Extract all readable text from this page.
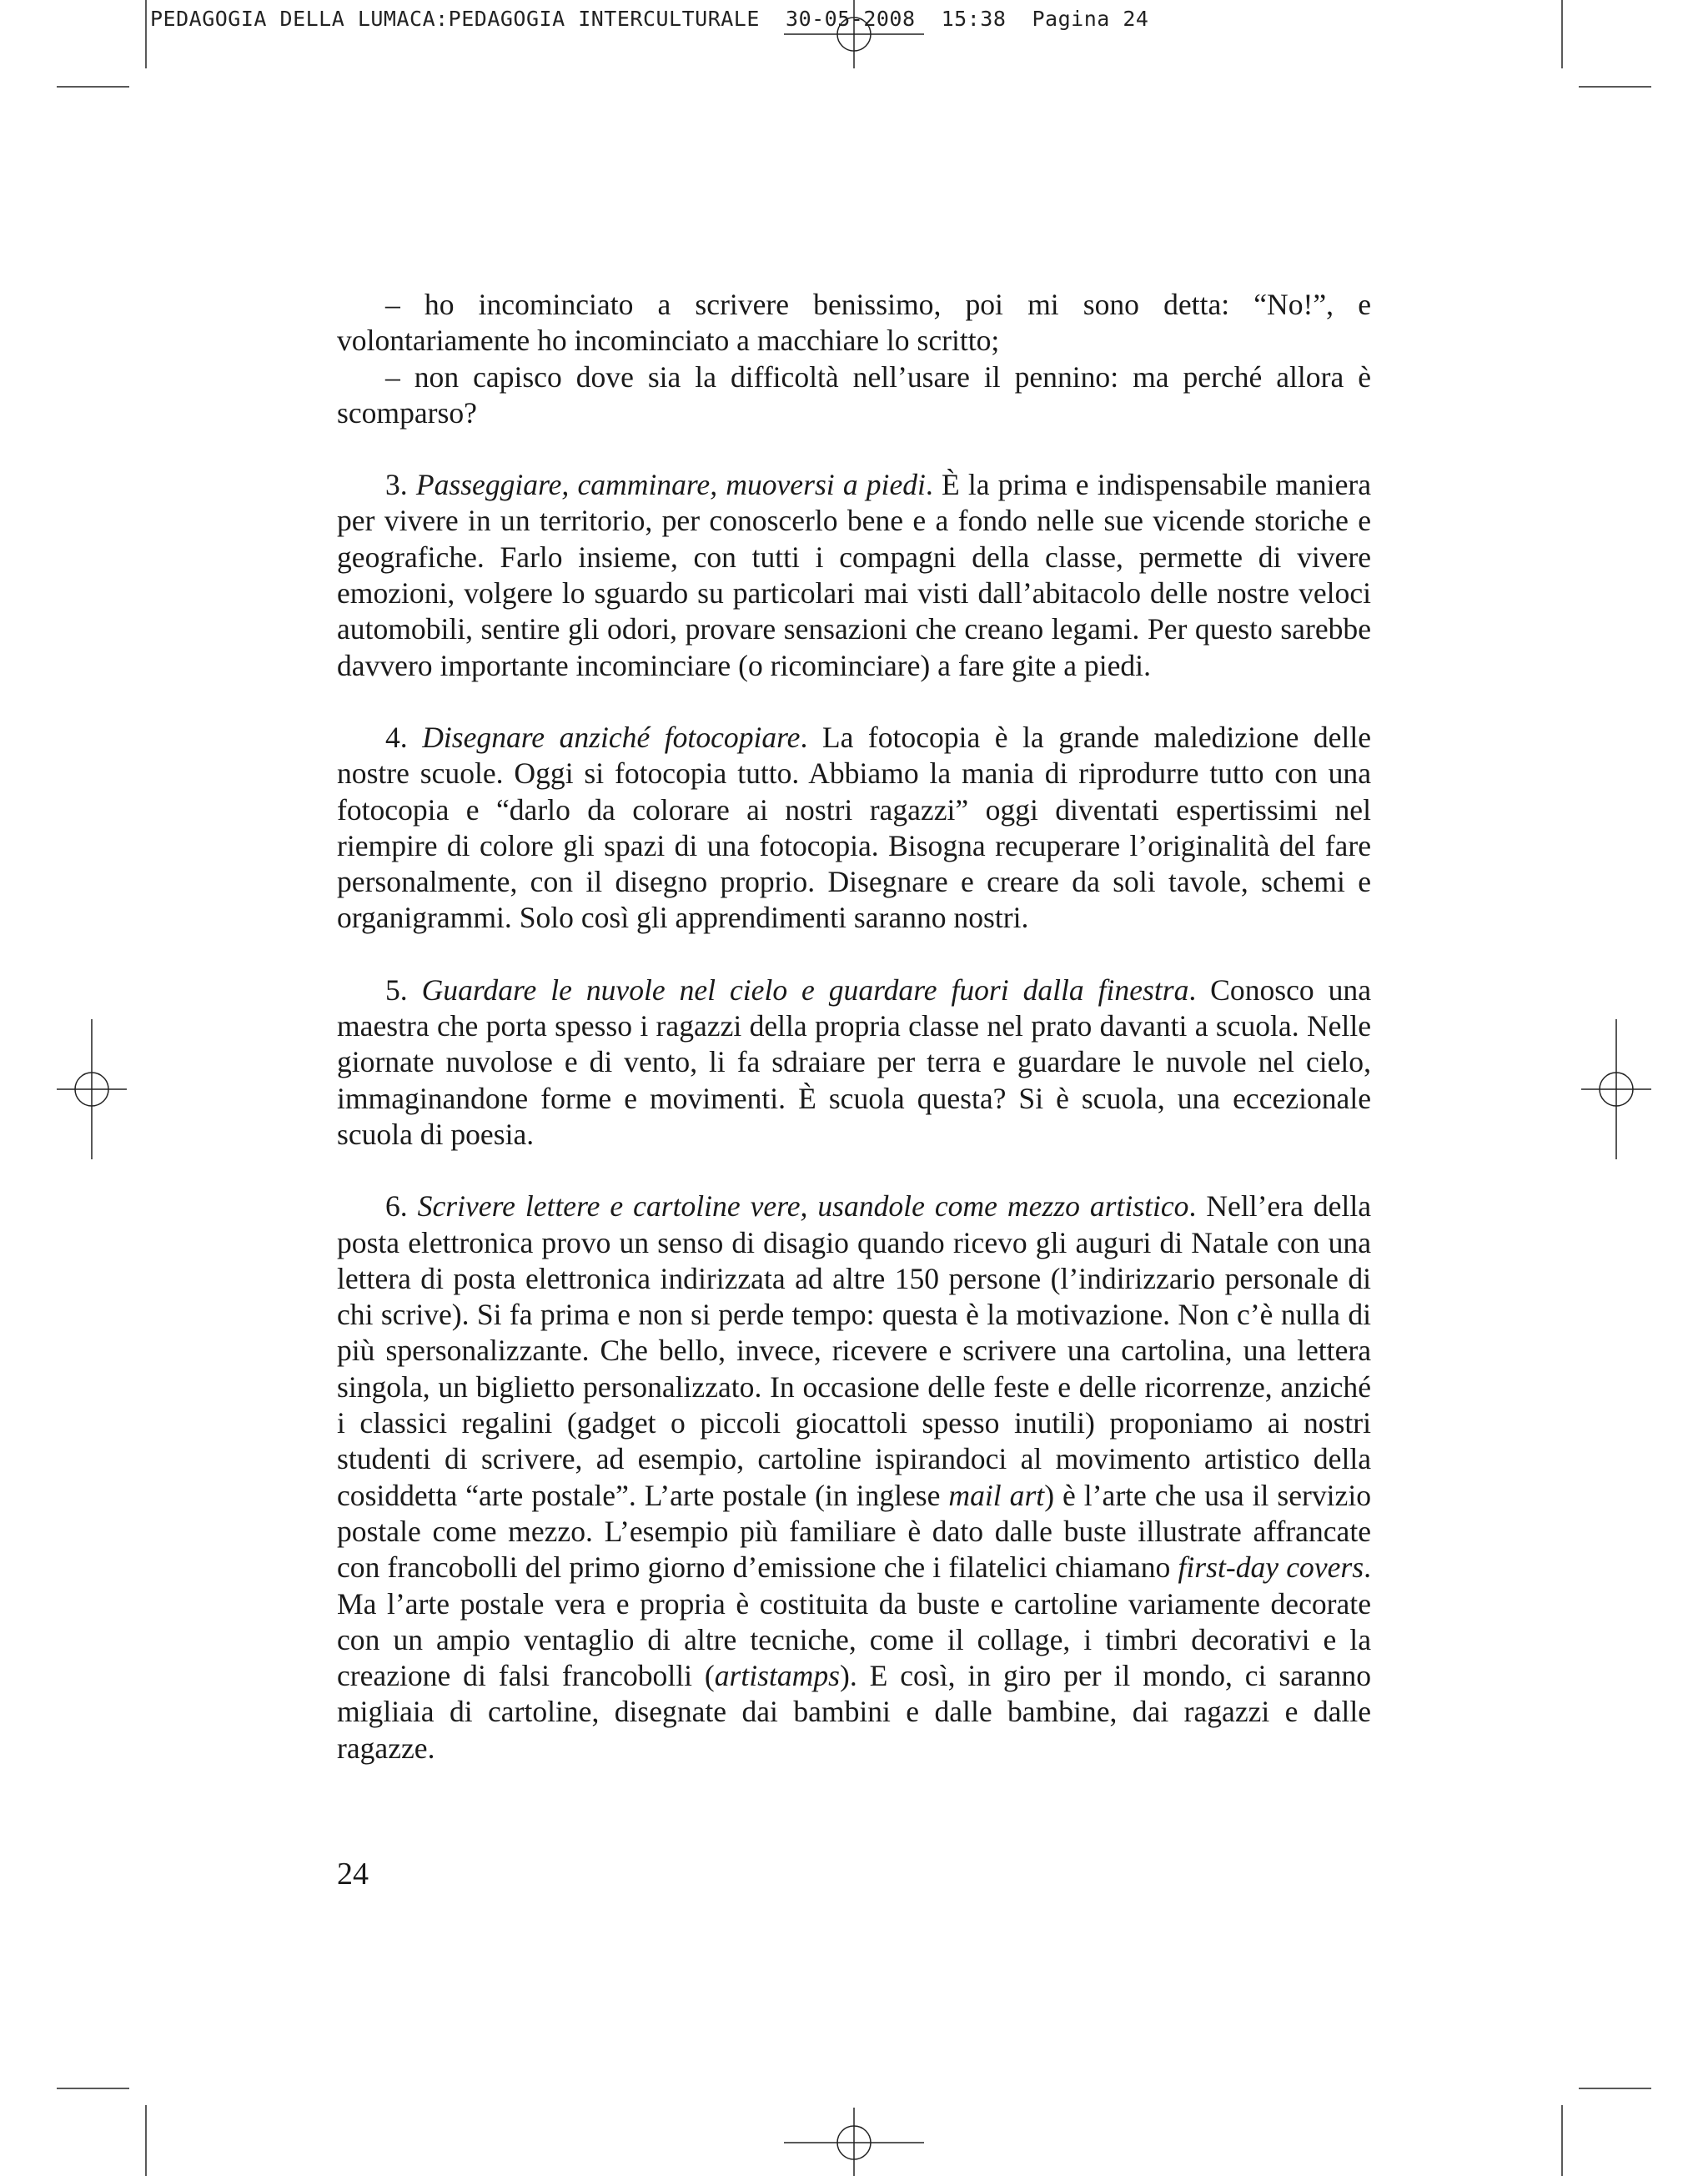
PEDAGOGIA DELLA LUMACA:PEDAGOGIA INTERCULTURALE  30-05-2008  15:38  Pagina 24

– ho incominciato a scrivere benissimo, poi mi sono detta: “No!”, e volontariamente ho incominciato a macchiare lo scritto;

– non capisco dove sia la difficoltà nell’usare il pennino: ma perché allora è scomparso?

3. Passeggiare, camminare, muoversi a piedi. È la prima e indispensabile maniera per vivere in un territorio, per conoscerlo bene e a fondo nelle sue vicende storiche e geografiche. Farlo insieme, con tutti i compagni della classe, permette di vivere emozioni, volgere lo sguardo su particolari mai visti dall’abitacolo delle nostre veloci automobili, sentire gli odori, provare sensazioni che creano legami. Per questo sarebbe davvero importante incominciare (o ricominciare) a fare gite a piedi.

4. Disegnare anziché fotocopiare. La fotocopia è la grande maledizione delle nostre scuole. Oggi si fotocopia tutto. Abbiamo la mania di riprodurre tutto con una fotocopia e “darlo da colorare ai nostri ragazzi” oggi diventati espertissimi nel riempire di colore gli spazi di una fotocopia. Bisogna recuperare l’originalità del fare personalmente, con il disegno proprio. Disegnare e creare da soli tavole, schemi e organigrammi. Solo così gli apprendimenti saranno nostri.

5. Guardare le nuvole nel cielo e guardare fuori dalla finestra. Conosco una maestra che porta spesso i ragazzi della propria classe nel prato davanti a scuola. Nelle giornate nuvolose e di vento, li fa sdraiare per terra e guardare le nuvole nel cielo, immaginandone forme e movimenti. È scuola questa? Si è scuola, una eccezionale scuola di poesia.

6. Scrivere lettere e cartoline vere, usandole come mezzo artistico. Nell’era della posta elettronica provo un senso di disagio quando ricevo gli auguri di Natale con una lettera di posta elettronica indirizzata ad altre 150 persone (l’indirizzario personale di chi scrive). Si fa prima e non si perde tempo: questa è la motivazione. Non c’è nulla di più spersonalizzante. Che bello, invece, ricevere e scrivere una cartolina, una lettera singola, un biglietto personalizzato. In occasione delle feste e delle ricorrenze, anziché i classici regalini (gadget o piccoli giocattoli spesso inutili) proponiamo ai nostri studenti di scrivere, ad esempio, cartoline ispirandoci al movimento artistico della cosiddetta “arte postale”. L’arte postale (in inglese mail art) è l’arte che usa il servizio postale come mezzo. L’esempio più familiare è dato dalle buste illustrate affrancate con francobolli del primo giorno d’emissione che i filatelici chiamano first-day covers. Ma l’arte postale vera e propria è costituita da buste e cartoline variamente decorate con un ampio ventaglio di altre tecniche, come il collage, i timbri decorativi e la creazione di falsi francobolli (artistamps). E così, in giro per il mondo, ci saranno migliaia di cartoline, disegnate dai bambini e dalle bambine, dai ragazzi e dalle ragazze.

24
